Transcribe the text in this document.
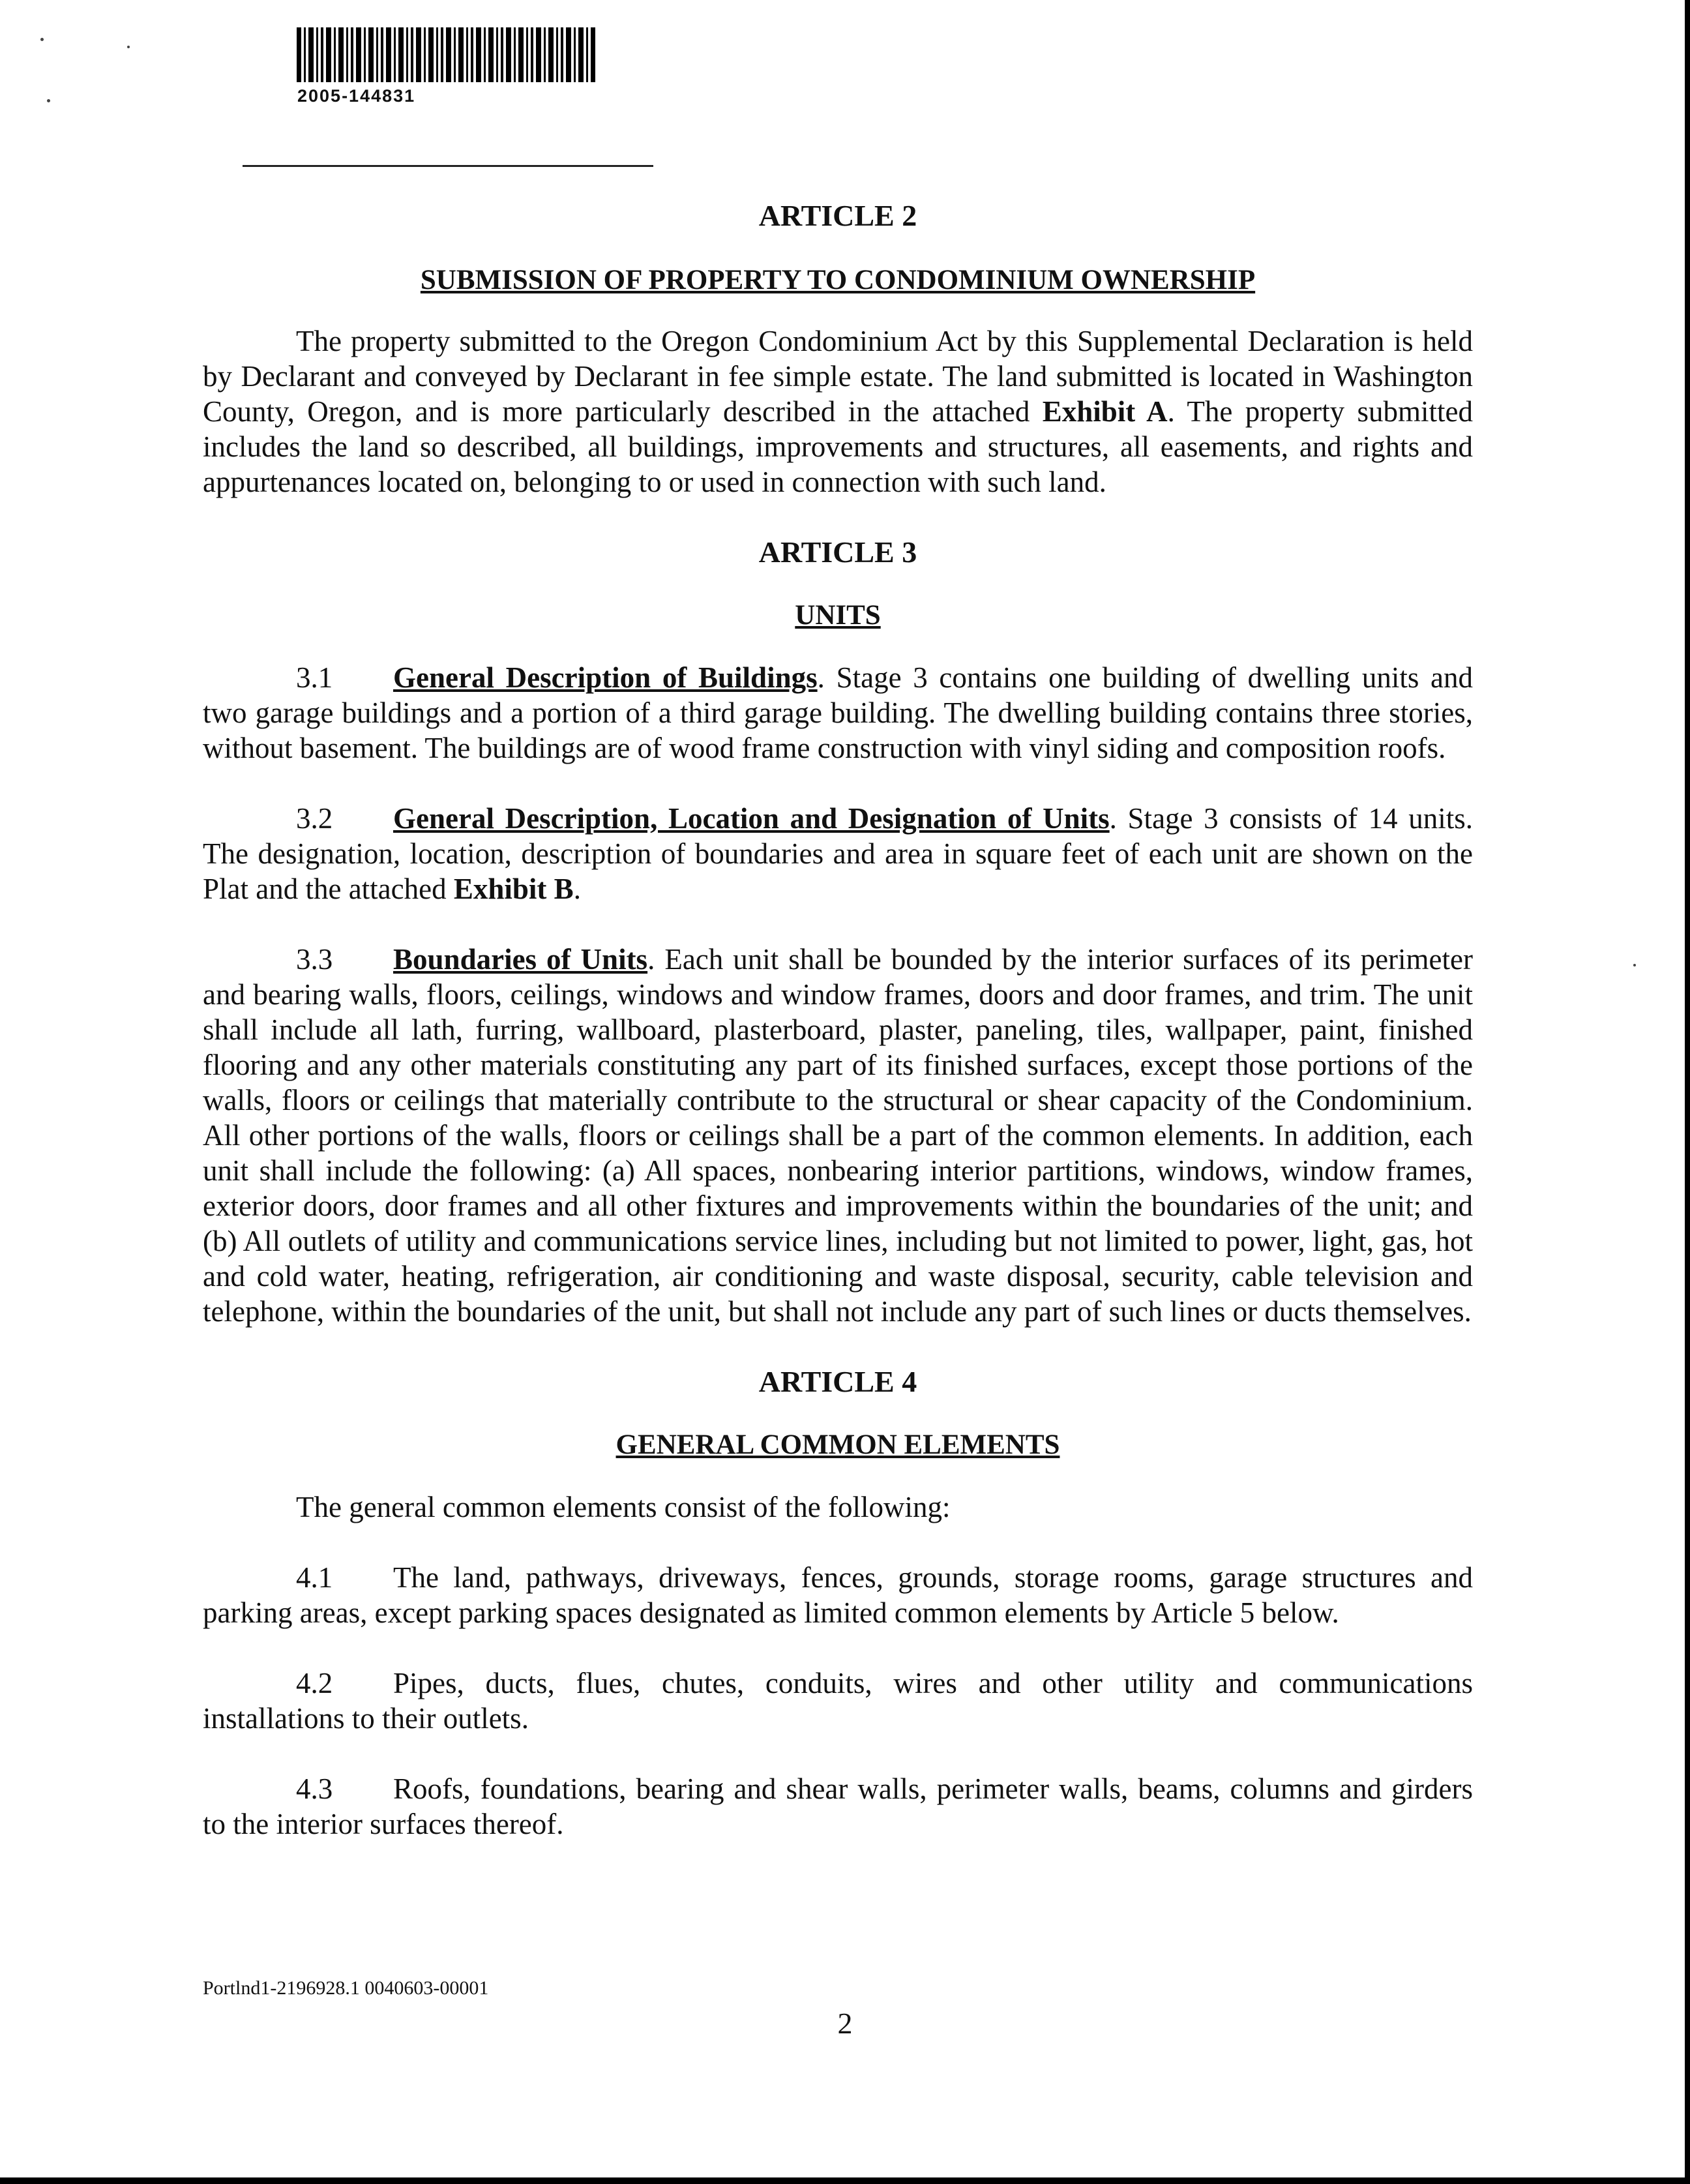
2005-144831

ARTICLE 2

SUBMISSION OF PROPERTY TO CONDOMINIUM OWNERSHIP

The property submitted to the Oregon Condominium Act by this Supplemental Declaration is held by Declarant and conveyed by Declarant in fee simple estate. The land submitted is located in Washington County, Oregon, and is more particularly described in the attached Exhibit A. The property submitted includes the land so described, all buildings, improvements and structures, all easements, and rights and appurtenances located on, belonging to or used in connection with such land.

ARTICLE 3

UNITS

3.1 General Description of Buildings. Stage 3 contains one building of dwelling units and two garage buildings and a portion of a third garage building. The dwelling building contains three stories, without basement. The buildings are of wood frame construction with vinyl siding and composition roofs.

3.2 General Description, Location and Designation of Units. Stage 3 consists of 14 units. The designation, location, description of boundaries and area in square feet of each unit are shown on the Plat and the attached Exhibit B.

3.3 Boundaries of Units. Each unit shall be bounded by the interior surfaces of its perimeter and bearing walls, floors, ceilings, windows and window frames, doors and door frames, and trim. The unit shall include all lath, furring, wallboard, plasterboard, plaster, paneling, tiles, wallpaper, paint, finished flooring and any other materials constituting any part of its finished surfaces, except those portions of the walls, floors or ceilings that materially contribute to the structural or shear capacity of the Condominium. All other portions of the walls, floors or ceilings shall be a part of the common elements. In addition, each unit shall include the following: (a) All spaces, nonbearing interior partitions, windows, window frames, exterior doors, door frames and all other fixtures and improvements within the boundaries of the unit; and (b) All outlets of utility and communications service lines, including but not limited to power, light, gas, hot and cold water, heating, refrigeration, air conditioning and waste disposal, security, cable television and telephone, within the boundaries of the unit, but shall not include any part of such lines or ducts themselves.

ARTICLE 4

GENERAL COMMON ELEMENTS

The general common elements consist of the following:

4.1 The land, pathways, driveways, fences, grounds, storage rooms, garage structures and parking areas, except parking spaces designated as limited common elements by Article 5 below.

4.2 Pipes, ducts, flues, chutes, conduits, wires and other utility and communications installations to their outlets.

4.3 Roofs, foundations, bearing and shear walls, perimeter walls, beams, columns and girders to the interior surfaces thereof.

Portlnd1-2196928.1 0040603-00001
2
